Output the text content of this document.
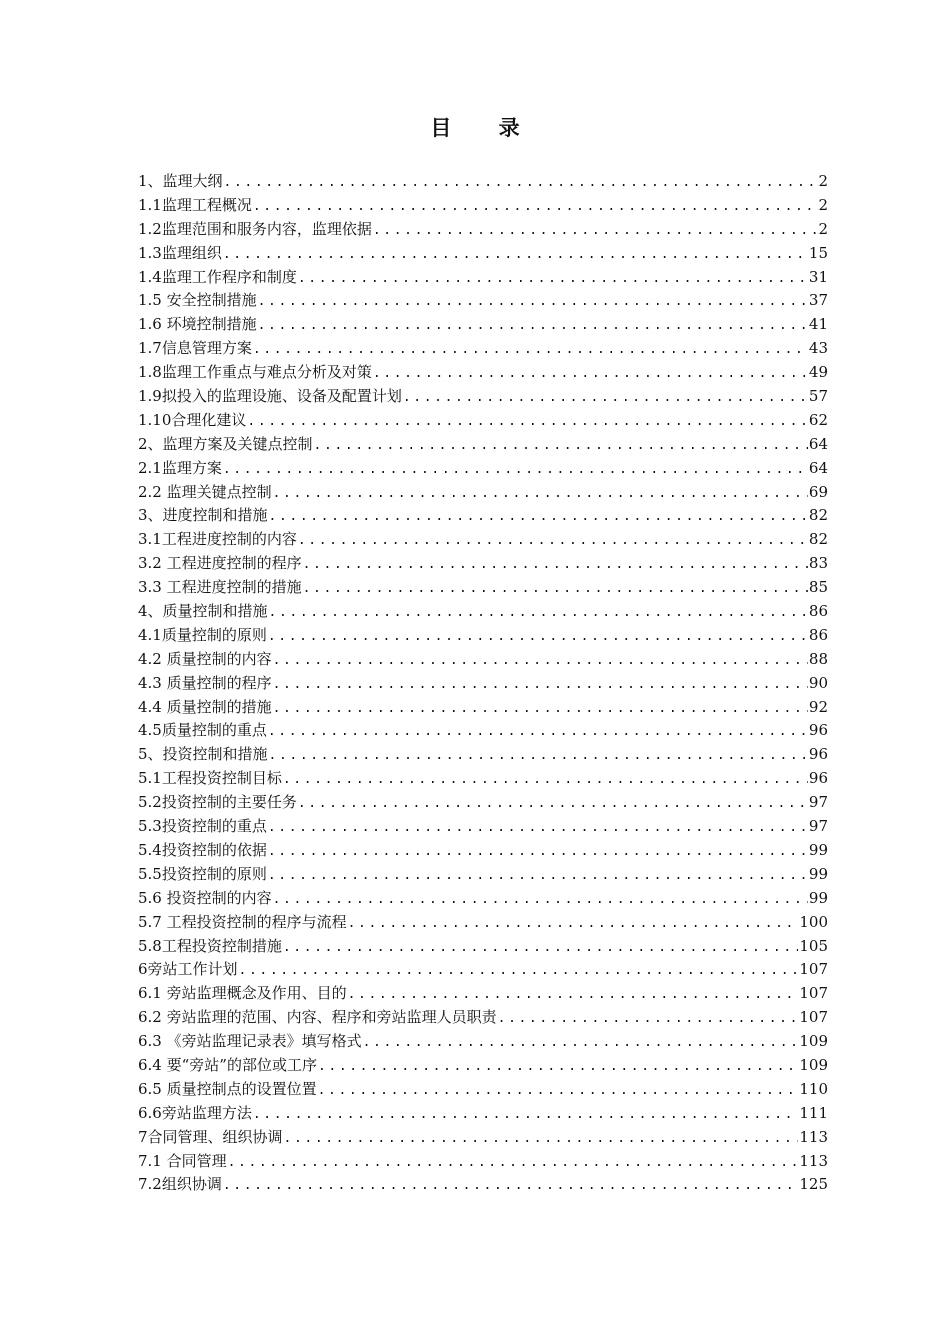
目 录
1、监理大纲 .....	2
1.1监理工程概况 .....	2
1.2监理范围和服务内容，监理依据 .....	2
1.3监理组织 .....	15
1.4监理工作程序和制度 .....	31
1.5 安全控制措施 .....	37
1.6 环境控制措施 .....	41
1.7信息管理方案 .....	43
1.8监理工作重点与难点分析及对策 .....	49
1.9拟投入的监理设施、设备及配置计划 .....	57
1.10合理化建议 .....	62
2、监理方案及关键点控制 .....	64
2.1监理方案 .....	64
2.2 监理关键点控制 .....	69
3、进度控制和措施 .....	82
3.1工程进度控制的内容 .....	82
3.2 工程进度控制的程序 .....	83
3.3 工程进度控制的措施 .....	85
4、质量控制和措施 .....	86
4.1质量控制的原则 .....	86
4.2 质量控制的内容 .....	88
4.3 质量控制的程序 .....	90
4.4 质量控制的措施 .....	92
4.5质量控制的重点 .....	96
5、投资控制和措施 .....	96
5.1工程投资控制目标 .....	96
5.2投资控制的主要任务 .....	97
5.3投资控制的重点 .....	97
5.4投资控制的依据 .....	99
5.5投资控制的原则 .....	99
5.6 投资控制的内容 .....	99
5.7 工程投资控制的程序与流程 .....	100
5.8工程投资控制措施 .....	105
6旁站工作计划 .....	107
6.1 旁站监理概念及作用、目的 .....	107
6.2 旁站监理的范围、内容、程序和旁站监理人员职责 .....	107
6.3 《旁站监理记录表》填写格式 .....	109
6.4 要“旁站”的部位或工序 .....	109
6.5 质量控制点的设置位置 .....	110
6.6旁站监理方法 .....	111
7合同管理、组织协调 .....	113
7.1 合同管理 .....	113
7.2组织协调 .....	125
